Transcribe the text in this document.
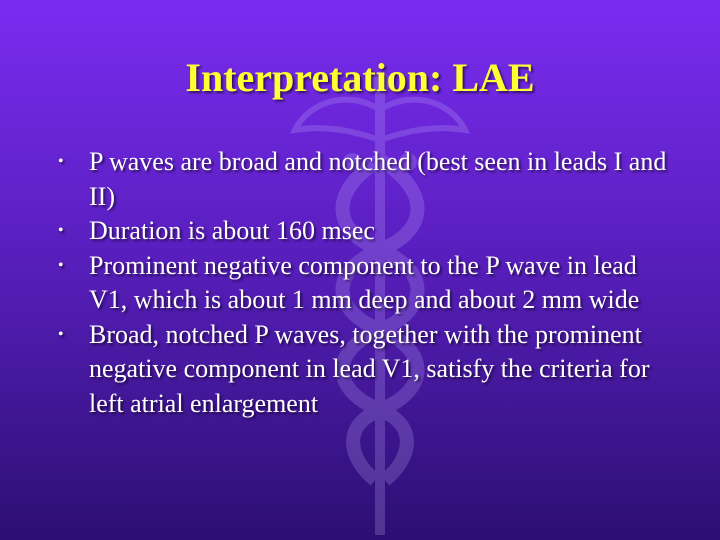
Interpretation: LAE
• P waves are broad and notched (best seen in leads I and II)
• Duration is about 160 msec
• Prominent negative component to the P wave in lead V1, which is about 1 mm deep and about 2 mm wide
• Broad, notched P waves, together with the prominent negative component in lead V1, satisfy the criteria for left atrial enlargement
